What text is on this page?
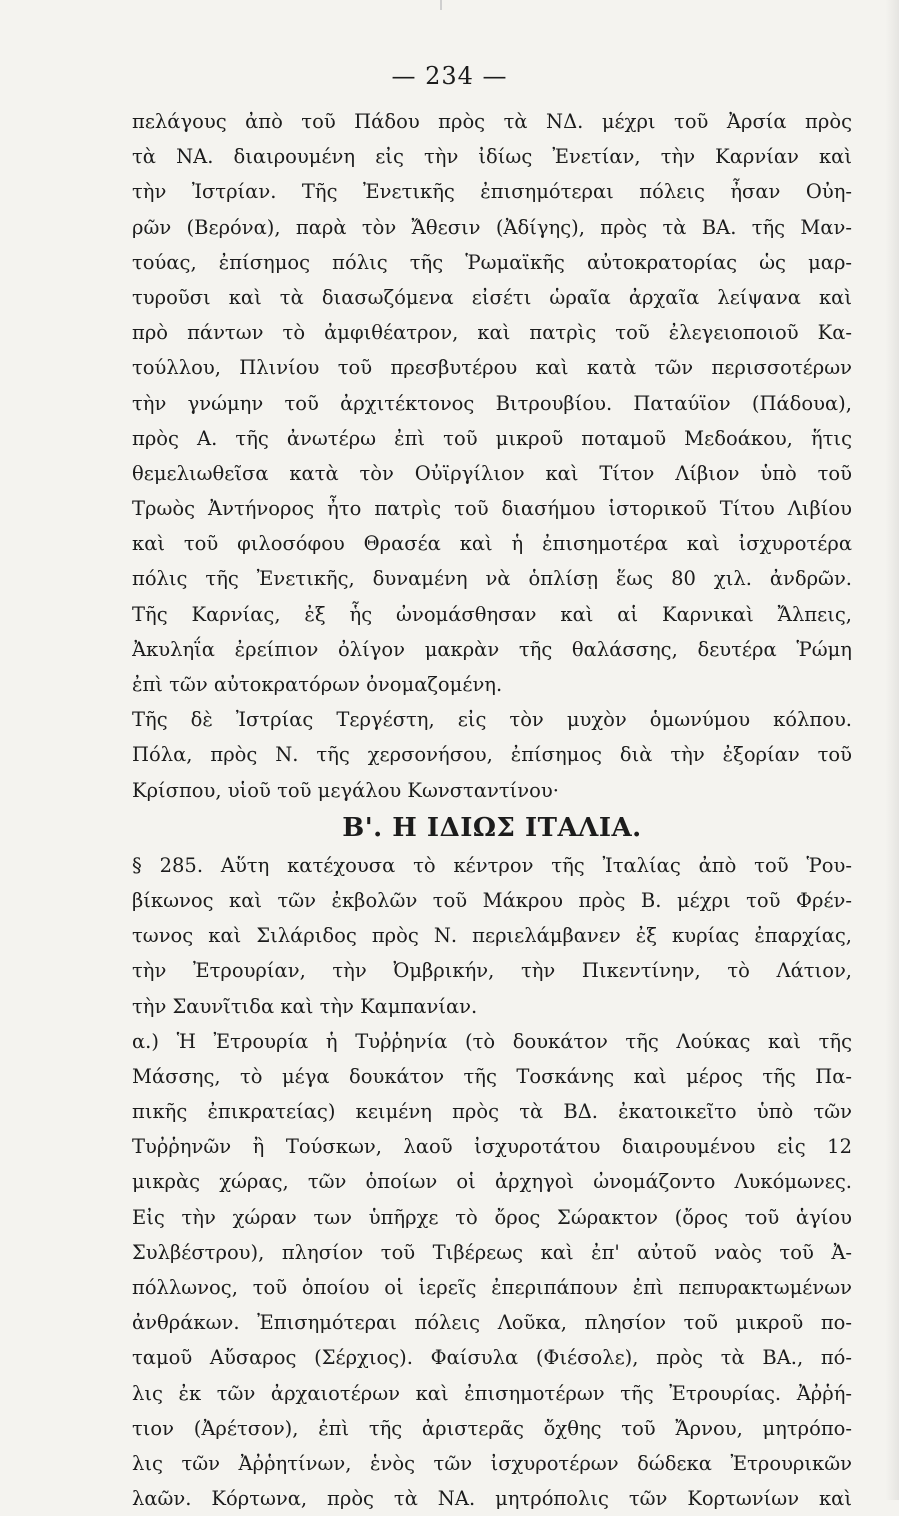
— 234 —
πελάγους ἀπὸ τοῦ Πάδου πρὸς τὰ ΝΔ. μέχρι τοῦ Ἀρσία πρὸς
τὰ ΝΑ. διαιρουμένη εἰς τὴν ἰδίως Ἐνετίαν, τὴν Καρνίαν καὶ
τὴν Ἰστρίαν. Τῆς Ἐνετικῆς ἐπισημότεραι πόλεις ἦσαν Οὐη-
ρῶν (Βερόνα), παρὰ τὸν Ἄθεσιν (Ἀδίγης), πρὸς τὰ ΒΑ. τῆς Μαν-
τούας, ἐπίσημος πόλις τῆς Ῥωμαϊκῆς αὐτοκρατορίας ὡς μαρ-
τυροῦσι καὶ τὰ διασωζόμενα εἰσέτι ὡραῖα ἀρχαῖα λείψανα καὶ
πρὸ πάντων τὸ ἀμφιθέατρον, καὶ πατρὶς τοῦ ἐλεγειοποιοῦ Κα-
τούλλου, Πλινίου τοῦ πρεσβυτέρου καὶ κατὰ τῶν περισσοτέρων
τὴν γνώμην τοῦ ἀρχιτέκτονος Βιτρουβίου. Παταύϊον (Πάδουα),
πρὸς Α. τῆς ἀνωτέρω ἐπὶ τοῦ μικροῦ ποταμοῦ Μεδοάκου, ἥτις
θεμελιωθεῖσα κατὰ τὸν Οὐϊργίλιον καὶ Τίτον Λίβιον ὑπὸ τοῦ
Τρωὸς Ἀντήνορος ἦτο πατρὶς τοῦ διασήμου ἱστορικοῦ Τίτου Λιβίου
καὶ τοῦ φιλοσόφου Θρασέα καὶ ἡ ἐπισημοτέρα καὶ ἰσχυροτέρα
πόλις τῆς Ἐνετικῆς, δυναμένη νὰ ὁπλίσῃ ἕως 80 χιλ. ἀνδρῶν.
Τῆς Καρνίας, ἐξ ἧς ὠνομάσθησαν καὶ αἱ Καρνικαὶ Ἄλπεις,
Ἀκυληΐα ἐρείπιον ὀλίγον μακρὰν τῆς θαλάσσης, δευτέρα Ῥώμη
ἐπὶ τῶν αὐτοκρατόρων ὀνομαζομένη.
Τῆς δὲ Ἰστρίας Τεργέστη, εἰς τὸν μυχὸν ὁμωνύμου κόλπου.
Πόλα, πρὸς Ν. τῆς χερσονήσου, ἐπίσημος διὰ τὴν ἐξορίαν τοῦ
Κρίσπου, υἱοῦ τοῦ μεγάλου Κωνσταντίνου·
Β'. Η ΙΔΙΩΣ ΙΤΑΛΙΑ.
§ 285. Αὕτη κατέχουσα τὸ κέντρον τῆς Ἰταλίας ἀπὸ τοῦ Ῥου-
βίκωνος καὶ τῶν ἐκβολῶν τοῦ Μάκρου πρὸς Β. μέχρι τοῦ Φρέν-
τωνος καὶ Σιλάριδος πρὸς Ν. περιελάμβανεν ἐξ κυρίας ἐπαρχίας,
τὴν Ἐτρουρίαν, τὴν Ὀμβρικήν, τὴν Πικεντίνην, τὸ Λάτιον,
τὴν Σαυνῖτιδα καὶ τὴν Καμπανίαν.
α.) Ἡ Ἐτρουρία ἡ Τυῤῥηνία (τὸ δουκάτον τῆς Λούκας καὶ τῆς
Μάσσης, τὸ μέγα δουκάτον τῆς Τοσκάνης καὶ μέρος τῆς Πα-
πικῆς ἐπικρατείας) κειμένη πρὸς τὰ ΒΔ. ἐκατοικεῖτο ὑπὸ τῶν
Τυῤῥηνῶν ἢ Τούσκων, λαοῦ ἰσχυροτάτου διαιρουμένου εἰς 12
μικρὰς χώρας, τῶν ὁποίων οἱ ἀρχηγοὶ ὠνομάζοντο Λυκόμωνες.
Εἰς τὴν χώραν των ὑπῆρχε τὸ ὄρος Σώρακτον (ὄρος τοῦ ἁγίου
Συλβέστρου), πλησίον τοῦ Τιβέρεως καὶ ἐπ' αὐτοῦ ναὸς τοῦ Ἀ-
πόλλωνος, τοῦ ὁποίου οἱ ἱερεῖς ἐπεριπάπουν ἐπὶ πεπυρακτωμένων
ἀνθράκων. Ἐπισημότεραι πόλεις Λοῦκα, πλησίον τοῦ μικροῦ πο-
ταμοῦ Αὔσαρος (Σέρχιος). Φαίσυλα (Φιέσολε), πρὸς τὰ ΒΑ., πό-
λις ἐκ τῶν ἀρχαιοτέρων καὶ ἐπισημοτέρων τῆς Ἐτρουρίας. Ἀῤῥή-
τιον (Ἀρέτσον), ἐπὶ τῆς ἀριστερᾶς ὄχθης τοῦ Ἄρνου, μητρόπο-
λις τῶν Ἀῤῥητίνων, ἑνὸς τῶν ἰσχυροτέρων δώδεκα Ἐτρουρικῶν
λαῶν. Κόρτωνα, πρὸς τὰ ΝΑ. μητρόπολις τῶν Κορτωνίων καὶ
